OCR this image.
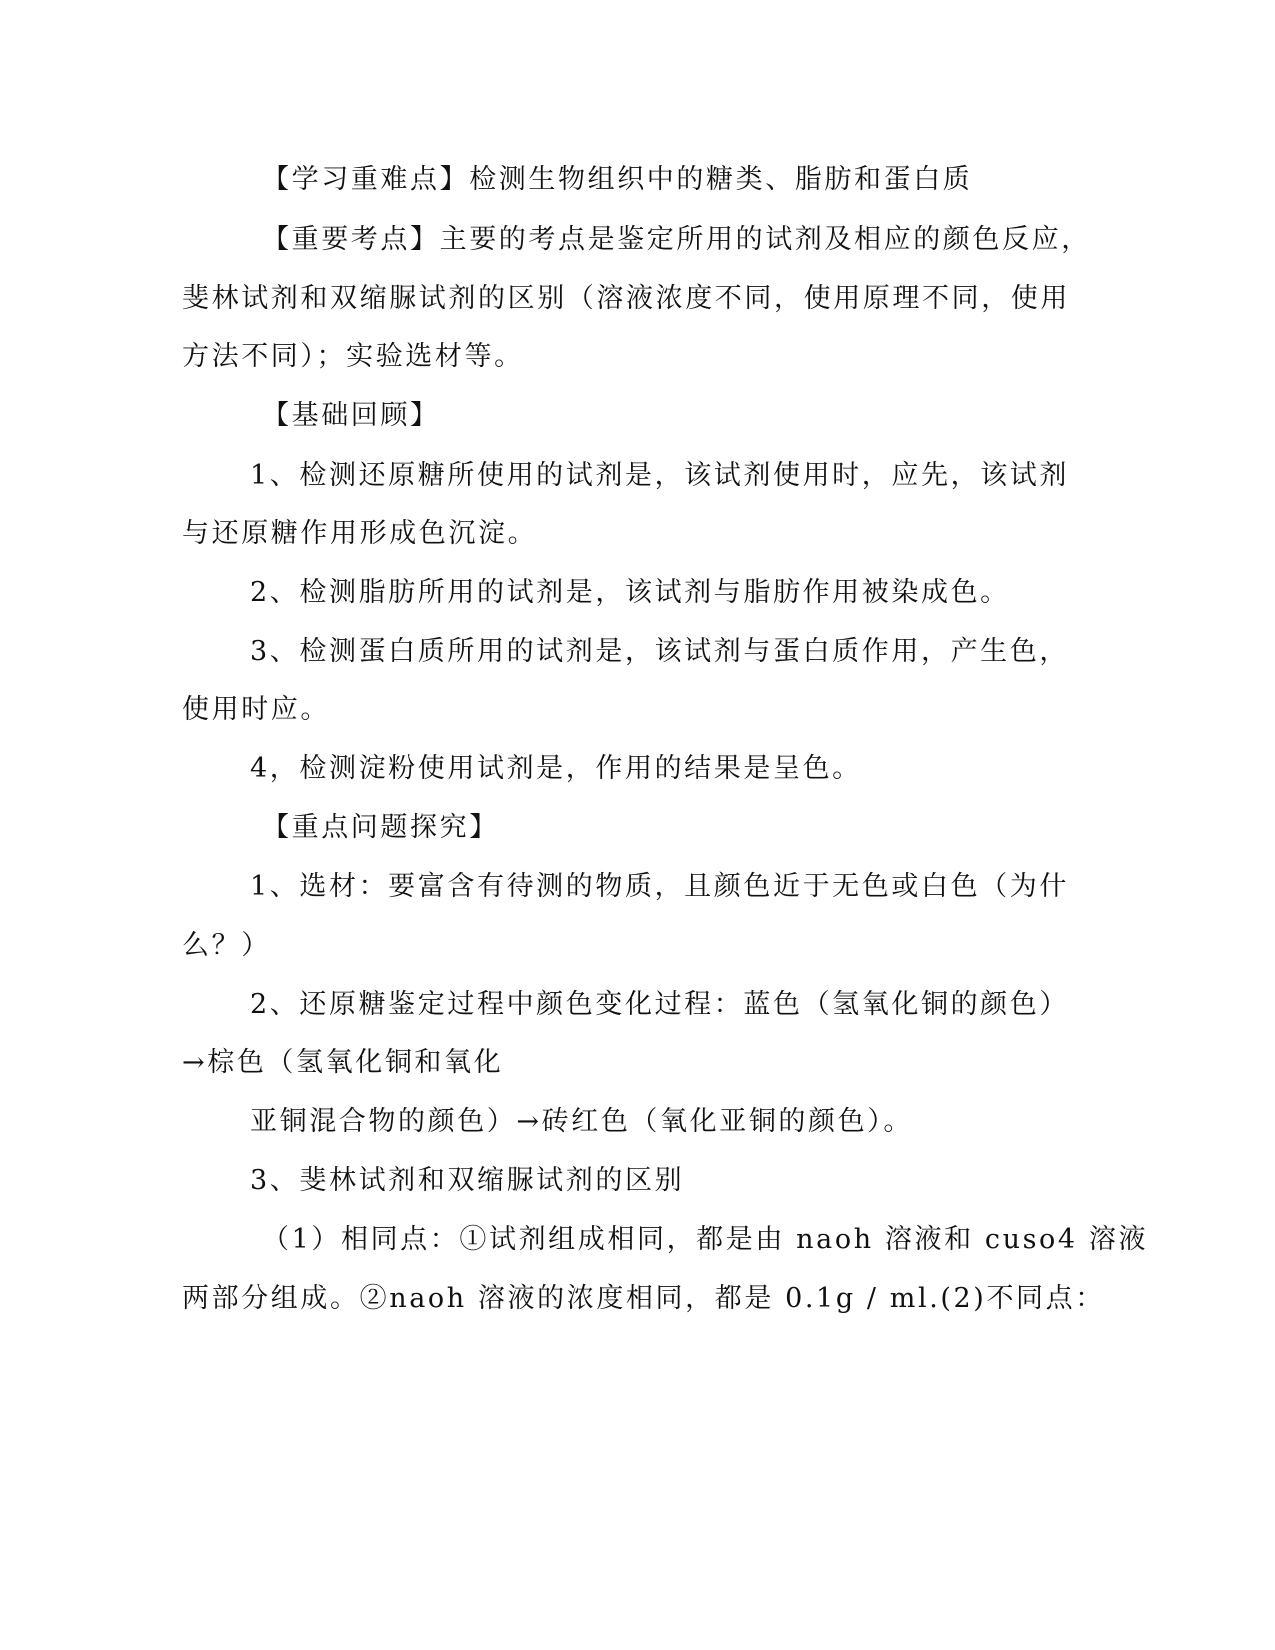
【学习重难点】检测生物组织中的糖类、脂肪和蛋白质
【重要考点】主要的考点是鉴定所用的试剂及相应的颜色反应，
斐林试剂和双缩脲试剂的区别（溶液浓度不同，使用原理不同，使用
方法不同）；实验选材等。
【基础回顾】
1、检测还原糖所使用的试剂是，该试剂使用时，应先，该试剂
与还原糖作用形成色沉淀。
2、检测脂肪所用的试剂是，该试剂与脂肪作用被染成色。
3、检测蛋白质所用的试剂是，该试剂与蛋白质作用，产生色，
使用时应。
4，检测淀粉使用试剂是，作用的结果是呈色。
【重点问题探究】
1、选材：要富含有待测的物质，且颜色近于无色或白色（为什
么？）
2、还原糖鉴定过程中颜色变化过程：蓝色（氢氧化铜的颜色）
→棕色（氢氧化铜和氧化
亚铜混合物的颜色）→砖红色（氧化亚铜的颜色）。
3、斐林试剂和双缩脲试剂的区别
（1）相同点：①试剂组成相同，都是由 naoh 溶液和 cuso4 溶液
两部分组成。②naoh 溶液的浓度相同，都是 0.1g / ml.(2)不同点：
